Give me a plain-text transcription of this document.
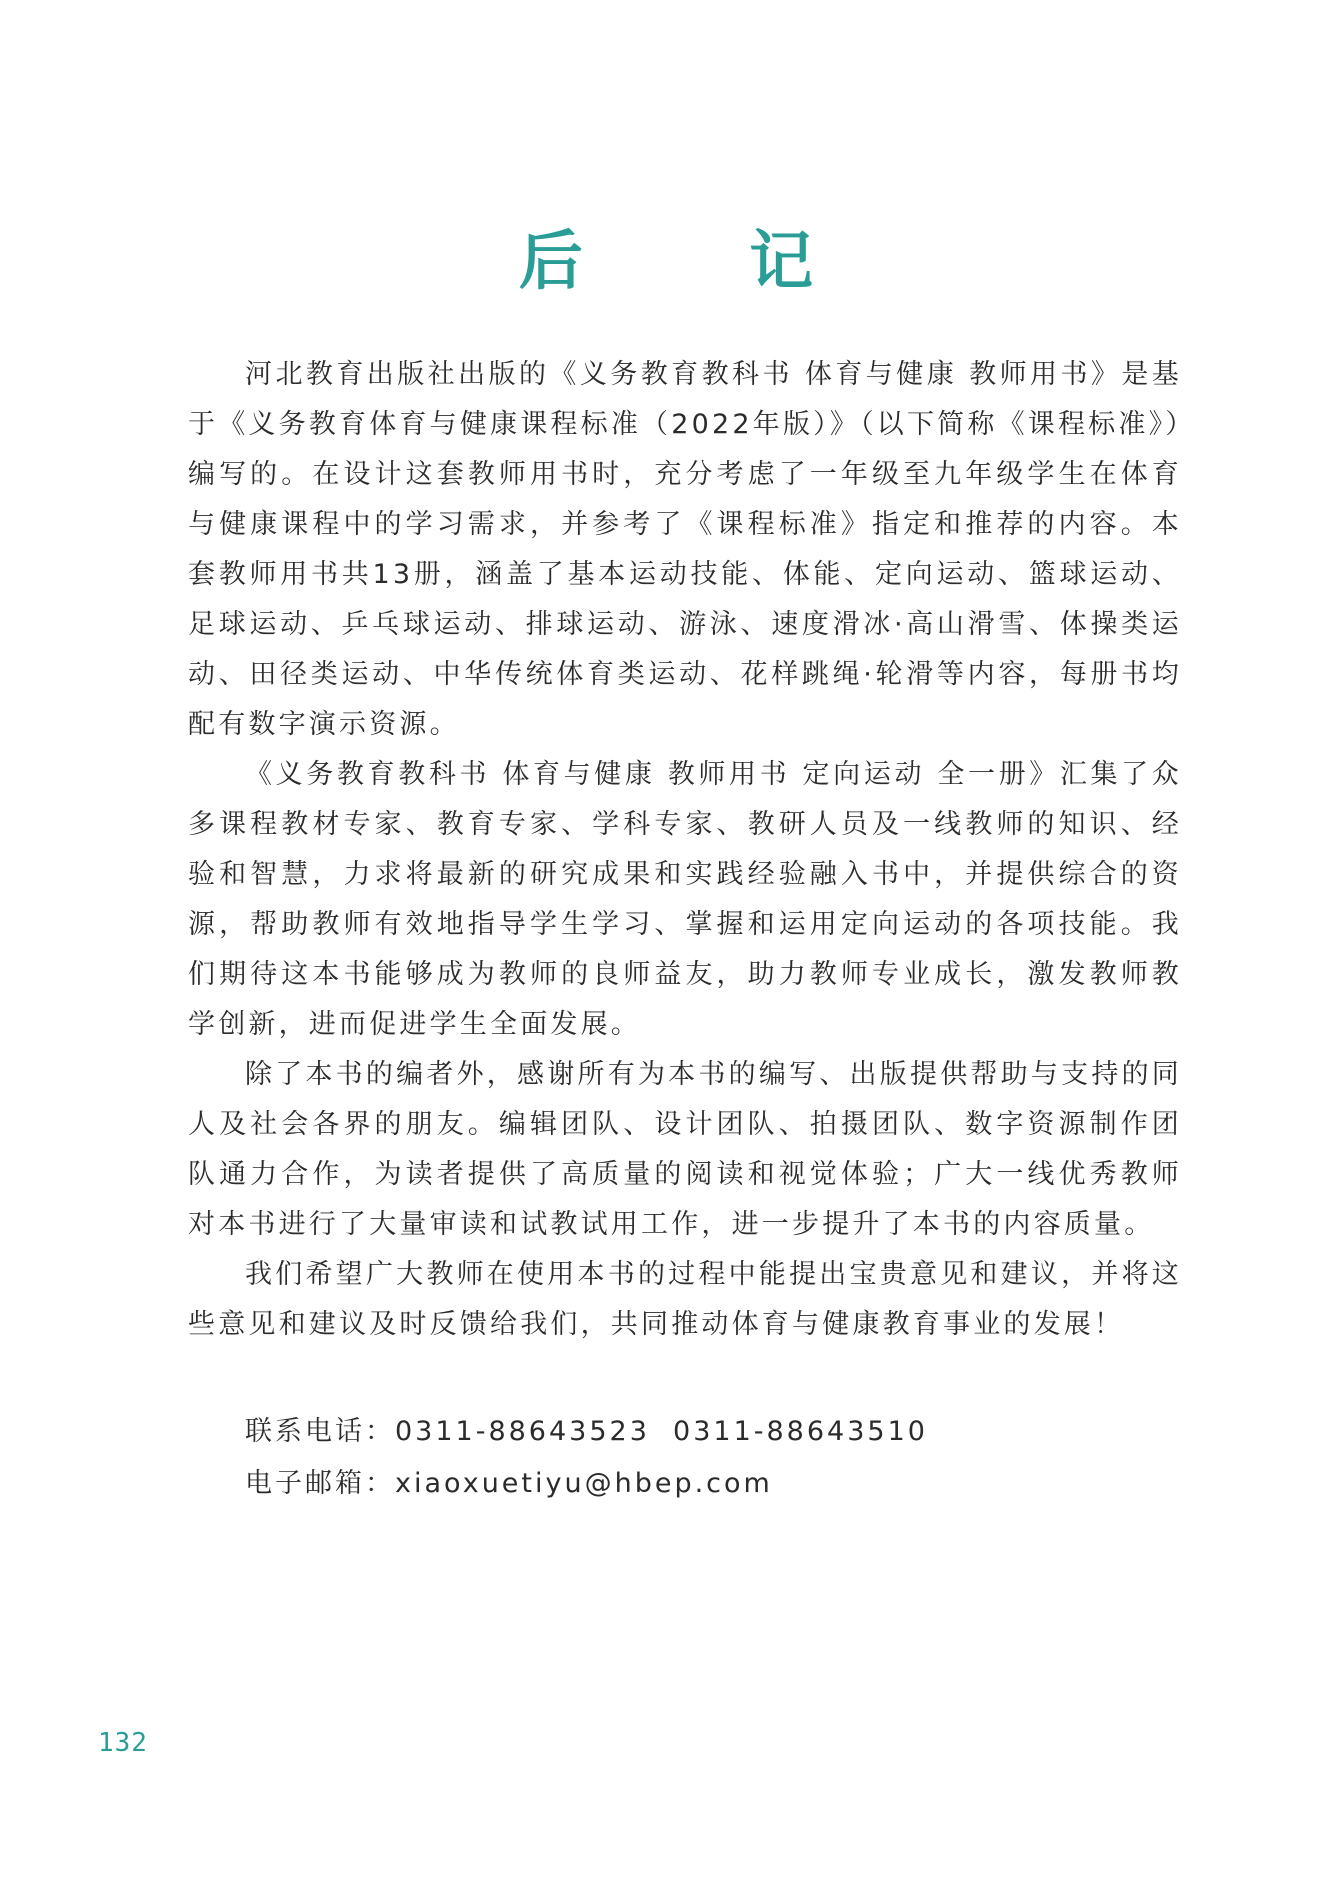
后 记

河北教育出版社出版的《义务教育教科书 体育与健康 教师用书》是基于《义务教育体育与健康课程标准（2022年版）》（以下简称《课程标准》）编写的。在设计这套教师用书时，充分考虑了一年级至九年级学生在体育与健康课程中的学习需求，并参考了《课程标准》指定和推荐的内容。本套教师用书共13册，涵盖了基本运动技能、体能、定向运动、篮球运动、足球运动、乒乓球运动、排球运动、游泳、速度滑冰·高山滑雪、体操类运动、田径类运动、中华传统体育类运动、花样跳绳·轮滑等内容，每册书均配有数字演示资源。

《义务教育教科书 体育与健康 教师用书 定向运动 全一册》汇集了众多课程教材专家、教育专家、学科专家、教研人员及一线教师的知识、经验和智慧，力求将最新的研究成果和实践经验融入书中，并提供综合的资源，帮助教师有效地指导学生学习、掌握和运用定向运动的各项技能。我们期待这本书能够成为教师的良师益友，助力教师专业成长，激发教师教学创新，进而促进学生全面发展。

除了本书的编者外，感谢所有为本书的编写、出版提供帮助与支持的同人及社会各界的朋友。编辑团队、设计团队、拍摄团队、数字资源制作团队通力合作，为读者提供了高质量的阅读和视觉体验；广大一线优秀教师对本书进行了大量审读和试教试用工作，进一步提升了本书的内容质量。

我们希望广大教师在使用本书的过程中能提出宝贵意见和建议，并将这些意见和建议及时反馈给我们，共同推动体育与健康教育事业的发展！

联系电话：0311-88643523  0311-88643510
电子邮箱：xiaoxuetiyu@hbep.com
132
